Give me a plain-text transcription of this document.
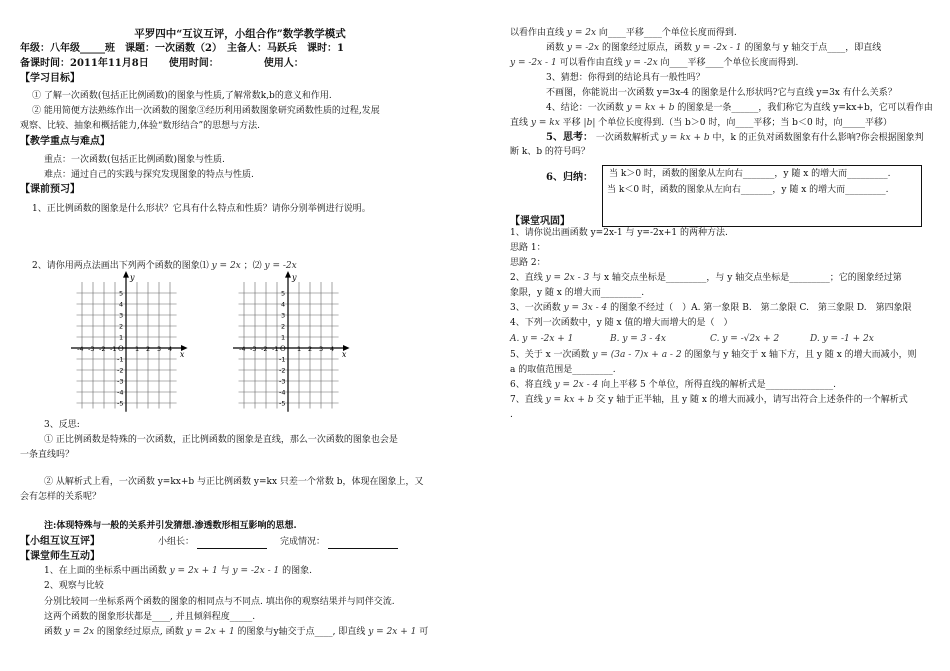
平罗四中“互议互评，小组合作”数学教学模式
年级：八年级_____班　课题：一次函数（2）　主备人：马跃兵　课时：1
备课时间：2011年11月8日　　使用时间：　　　　　使用人：
【学习目标】
① 了解一次函数(包括正比例函数)的图象与性质,了解常数k,b的意义和作用.
② 能用简便方法熟练作出一次函数的图象③经历利用函数图象研究函数性质的过程,发展
观察、比较、抽象和概括能力,体验“数形结合”的思想与方法.
【教学重点与难点】
重点：一次函数(包括正比例函数)图象与性质.
难点：通过自己的实践与探究发现图象的特点与性质.
【课前预习】
1、正比例函数的图象是什么形状？它具有什么特点和性质？请你分别举例进行说明。
2、请你用两点法画出下列两个函数的图象⑴ y = 2x ；⑵ y = -2x
y
x
O
-4 -3 -2 -1	1 2 3 4
5
4
3
2
1
-1
-2
-3
-4
-5
y
x
O
-4 -3 -2 -1	1 2 3 4
5
4
3
2
1
-1
-2
-3
-4
-5
3、反思:
① 正比例函数是特殊的一次函数，正比例函数的图象是直线，那么一次函数的图象也会是
一条直线吗？
② 从解析式上看，一次函数 y=kx+b 与正比例函数 y=kx 只差一个常数 b，体现在图象上，又
会有怎样的关系呢？
注:体现特殊与一般的关系并引发猜想.渗透数形相互影响的思想.
【小组互议互评】	小组长：	完成情况：
【课堂师生互动】
1、在上面的坐标系中画出函数 y = 2x + 1 与 y = -2x - 1 的图象.
2、观察与比较
分别比较同一坐标系两个函数的图象的相同点与不同点. 填出你的观察结果并与同伴交流.
这两个函数的图象形状都是____, 并且倾斜程度_____.
函数 y = 2x 的图象经过原点, 函数 y = 2x + 1 的图象与y轴交于点____, 即直线 y = 2x + 1 可
以看作由直线 y = 2x 向____平移____个单位长度而得到.
函数 y = -2x 的图象经过原点，函数 y = -2x - 1 的图象与 y 轴交于点____，即直线
y = -2x - 1 可以看作由直线 y = -2x 向____平移____个单位长度而得到.
3、猜想：你得到的结论具有一般性吗？
不画图，你能说出一次函数 y=3x-4 的图象是什么形状吗?它与直线 y=3x 有什么关系？
4、结论：一次函数 y = kx + b 的图象是一条______，我们称它为直线 y=kx+b，它可以看作由
直线 y = kx 平移 |b| 个单位长度得到.（当 b＞0 时，向____平移；当 b＜0 时，向_____平移）
5、思考： 一次函数解析式 y = kx + b 中，k 的正负对函数图象有什么影响?你会根据图象判
断 k、b 的符号吗？
6、归纳： 当 k＞0 时，函数的图象从左向右_______，y 随 x 的增大而_________.
当 k＜0 时，函数的图象从左向右_______，y 随 x 的增大而_________.
【课堂巩固】
1、请你说出画函数 y=2x-1 与 y=-2x+1 的两种方法.
思路 1：
思路 2：
2、直线 y = 2x - 3 与 x 轴交点坐标是_________，与 y 轴交点坐标是_________；它的图象经过第
象限，y 随 x 的增大而_________.
3、一次函数 y = 3x - 4 的图象不经过（　）A. 第一象限 B.　第二象限 C.　第三象限 D.　第四象限
4、下列一次函数中，y 随 x 值的增大而增大的是（　）
A. y = -2x + 1	B. y = 3 - 4x	C. y = -√2x + 2	D. y = -1 + 2x
5、关于 x 一次函数 y = (3a - 7)x + a - 2 的图象与 y 轴交于 x 轴下方，且 y 随 x 的增大而减小，则
a 的取值范围是_________.
6、将直线 y = 2x - 4 向上平移 5 个单位，所得直线的解析式是_______________.
7、直线 y = kx + b 交 y 轴于正半轴，且 y 随 x 的增大而减小，请写出符合上述条件的一个解析式
.
